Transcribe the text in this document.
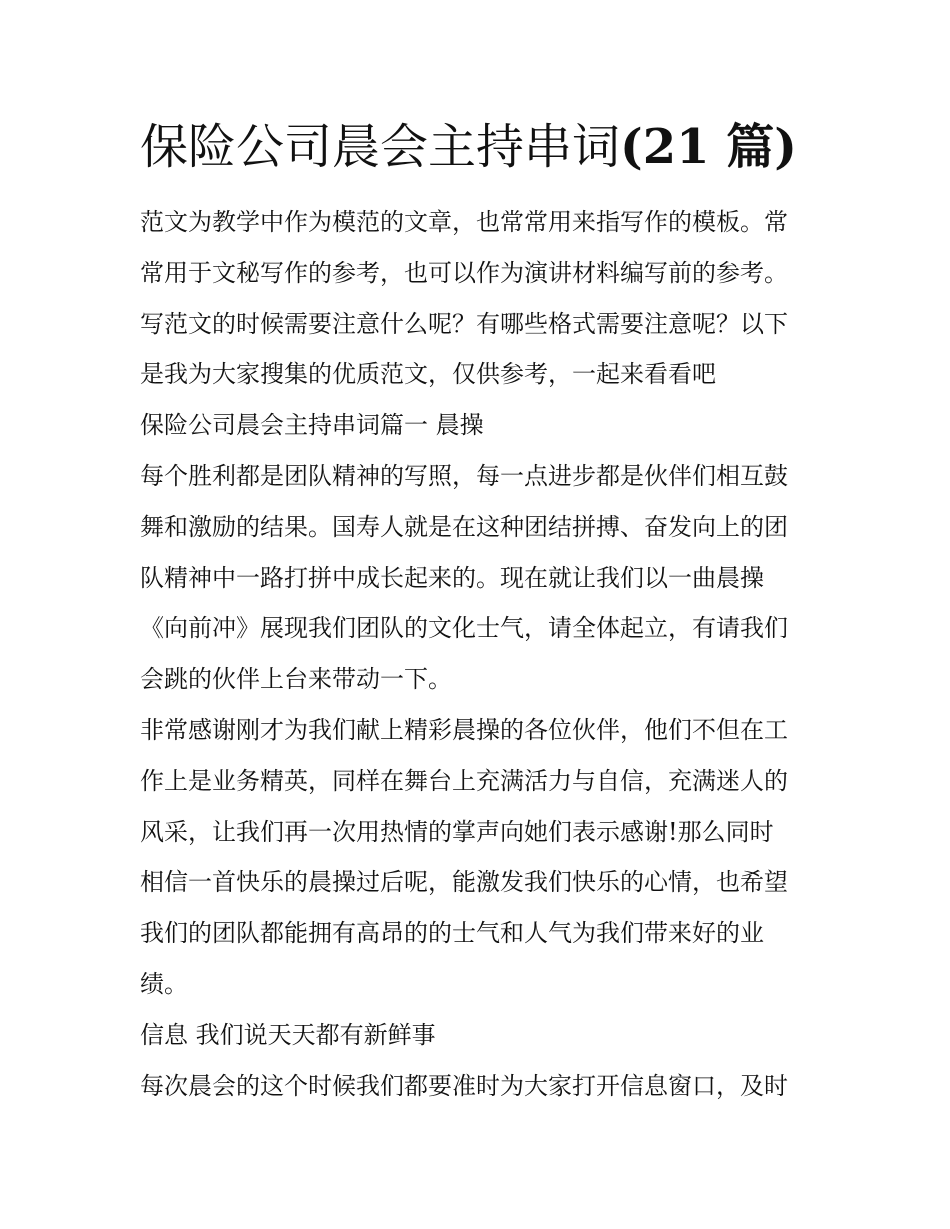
保险公司晨会主持串词(21 篇)

范文为教学中作为模范的文章，也常常用来指写作的模板。常

常用于文秘写作的参考，也可以作为演讲材料编写前的参考。

写范文的时候需要注意什么呢？有哪些格式需要注意呢？以下

是我为大家搜集的优质范文，仅供参考，一起来看看吧

保险公司晨会主持串词篇一 晨操

每个胜利都是团队精神的写照，每一点进步都是伙伴们相互鼓

舞和激励的结果。国寿人就是在这种团结拼搏、奋发向上的团

队精神中一路打拼中成长起来的。现在就让我们以一曲晨操

《向前冲》展现我们团队的文化士气，请全体起立，有请我们

会跳的伙伴上台来带动一下。

非常感谢刚才为我们献上精彩晨操的各位伙伴，他们不但在工

作上是业务精英，同样在舞台上充满活力与自信，充满迷人的

风采，让我们再一次用热情的掌声向她们表示感谢!那么同时

相信一首快乐的晨操过后呢，能激发我们快乐的心情，也希望

我们的团队都能拥有高昂的的士气和人气为我们带来好的业

绩。

信息 我们说天天都有新鲜事

每次晨会的这个时候我们都要准时为大家打开信息窗口，及时
